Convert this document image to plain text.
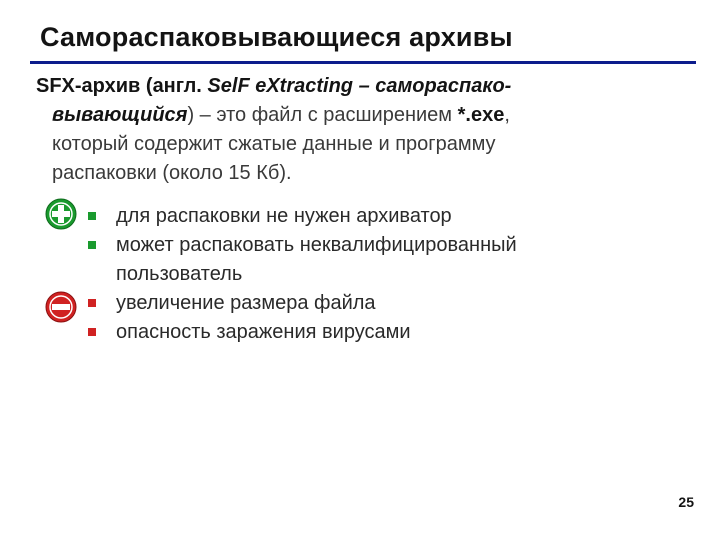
Самораспаковывающиеся архивы
SFX-архив (англ. SelF eXtracting – самораспако-
вывающийся) – это файл с расширением *.exe,
который содержит сжатые данные и программу
распаковки (около 15 Кб).
для распаковки не нужен архиватор
может распаковать неквалифицированный пользователь
увеличение размера файла
опасность заражения вирусами
25
